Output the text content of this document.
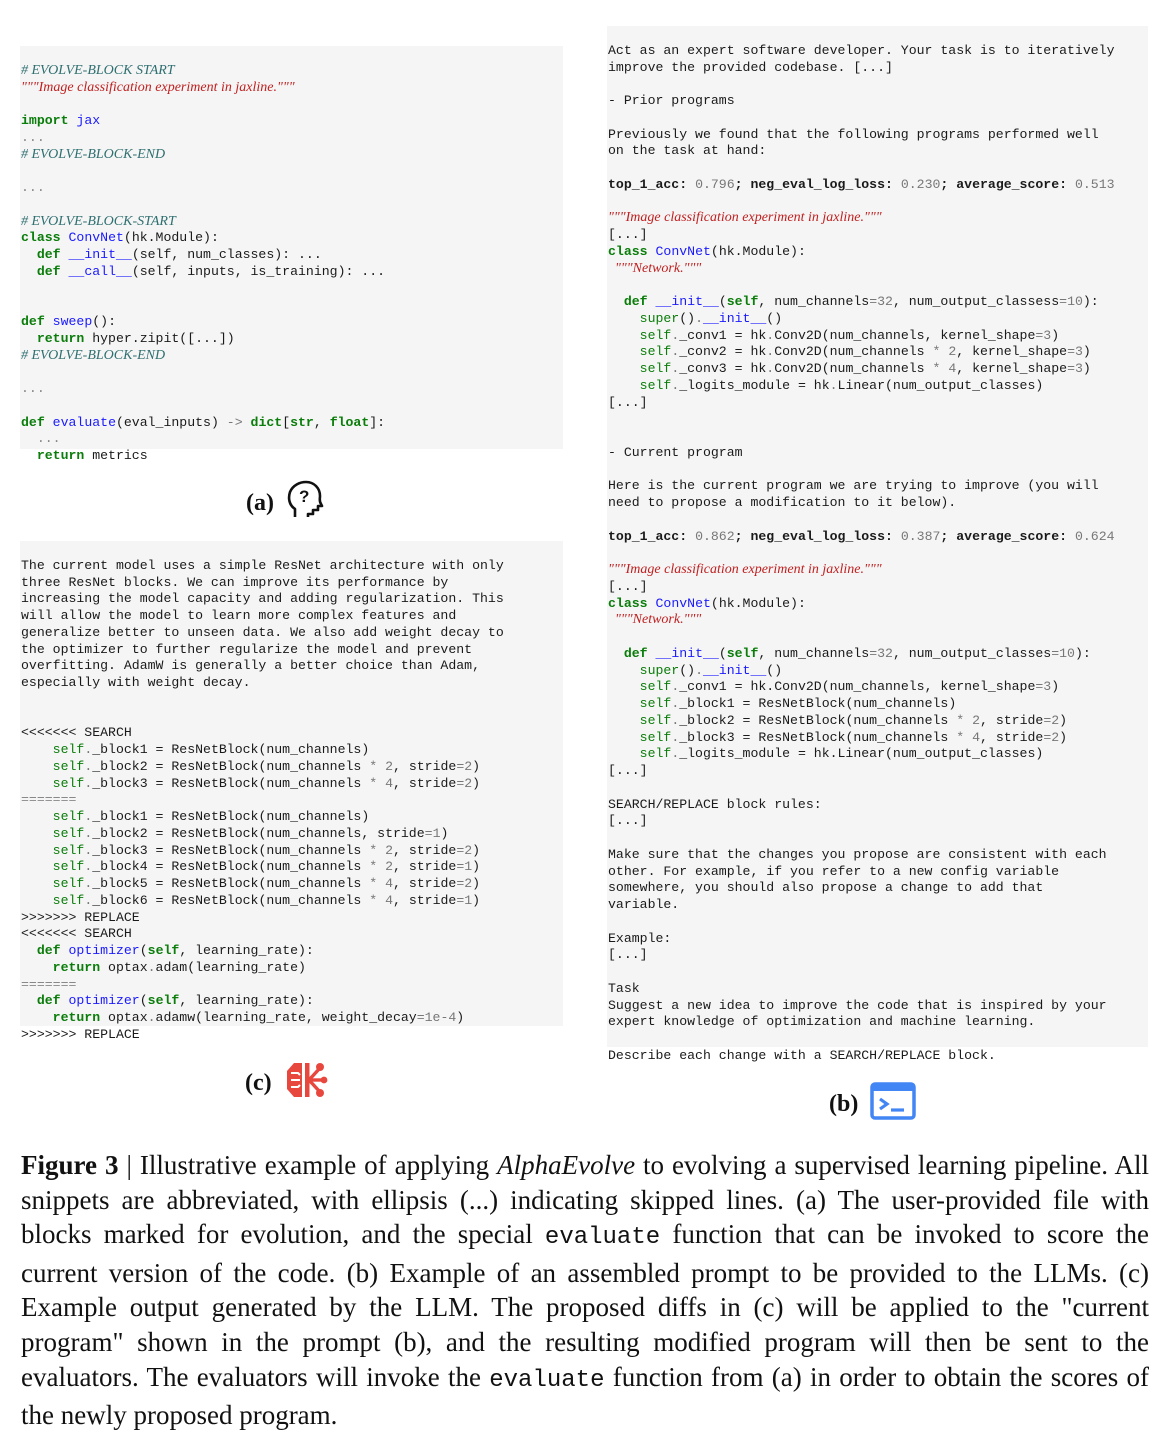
# EVOLVE-BLOCK START
"""Image classification experiment in jaxline."""
import jax
...
# EVOLVE-BLOCK-END
...
# EVOLVE-BLOCK-START
class ConvNet(hk.Module):
def __init__(self, num_classes): ...
def __call__(self, inputs, is_training): ...
def sweep():
return hyper.zipit([...])
# EVOLVE-BLOCK-END
...
def evaluate(eval_inputs) -> dict[str, float]:
...
return metrics
(a) ?

The current model uses a simple ResNet architecture with only
three ResNet blocks. We can improve its performance by
increasing the model capacity and adding regularization. This
will allow the model to learn more complex features and
generalize better to unseen data. We also add weight decay to
the optimizer to further regularize the model and prevent
overfitting. AdamW is generally a better choice than Adam,
especially with weight decay.
<<<<<<< SEARCH
self._block1 = ResNetBlock(num_channels)
self._block2 = ResNetBlock(num_channels * 2, stride=2)
self._block3 = ResNetBlock(num_channels * 4, stride=2)
=======
self._block1 = ResNetBlock(num_channels)
self._block2 = ResNetBlock(num_channels, stride=1)
self._block3 = ResNetBlock(num_channels * 2, stride=2)
self._block4 = ResNetBlock(num_channels * 2, stride=1)
self._block5 = ResNetBlock(num_channels * 4, stride=2)
self._block6 = ResNetBlock(num_channels * 4, stride=1)
>>>>>>> REPLACE
<<<<<<< SEARCH
def optimizer(self, learning_rate):
return optax.adam(learning_rate)
=======
def optimizer(self, learning_rate):
return optax.adamw(learning_rate, weight_decay=1e-4)
>>>>>>> REPLACE
(c)

Act as an expert software developer. Your task is to iteratively
improve the provided codebase. [...]
- Prior programs
Previously we found that the following programs performed well
on the task at hand:
top_1_acc: 0.796; neg_eval_log_loss: 0.230; average_score: 0.513
"""Image classification experiment in jaxline."""
[...]
class ConvNet(hk.Module):
"""Network."""
def __init__(self, num_channels=32, num_output_classess=10):
super().__init__()
self._conv1 = hk.Conv2D(num_channels, kernel_shape=3)
self._conv2 = hk.Conv2D(num_channels * 2, kernel_shape=3)
self._conv3 = hk.Conv2D(num_channels * 4, kernel_shape=3)
self._logits_module = hk.Linear(num_output_classes)
[...]
- Current program
Here is the current program we are trying to improve (you will
need to propose a modification to it below).
top_1_acc: 0.862; neg_eval_log_loss: 0.387; average_score: 0.624
"""Image classification experiment in jaxline."""
[...]
class ConvNet(hk.Module):
"""Network."""
def __init__(self, num_channels=32, num_output_classes=10):
super().__init__()
self._conv1 = hk.Conv2D(num_channels, kernel_shape=3)
self._block1 = ResNetBlock(num_channels)
self._block2 = ResNetBlock(num_channels * 2, stride=2)
self._block3 = ResNetBlock(num_channels * 4, stride=2)
self._logits_module = hk.Linear(num_output_classes)
[...]
SEARCH/REPLACE block rules:
[...]
Make sure that the changes you propose are consistent with each
other. For example, if you refer to a new config variable
somewhere, you should also propose a change to add that
variable.
Example:
[...]
Task
Suggest a new idea to improve the code that is inspired by your
expert knowledge of optimization and machine learning.
Describe each change with a SEARCH/REPLACE block.
(b)
Figure 3 | Illustrative example of applying AlphaEvolve to evolving a supervised learning pipeline. All snippets are abbreviated, with ellipsis (...) indicating skipped lines. (a) The user-provided file with blocks marked for evolution, and the special evaluate function that can be invoked to score the current version of the code. (b) Example of an assembled prompt to be provided to the LLMs. (c) Example output generated by the LLM. The proposed diffs in (c) will be applied to the "current program" shown in the prompt (b), and the resulting modified program will then be sent to the evaluators. The evaluators will invoke the evaluate function from (a) in order to obtain the scores of the newly proposed program.
